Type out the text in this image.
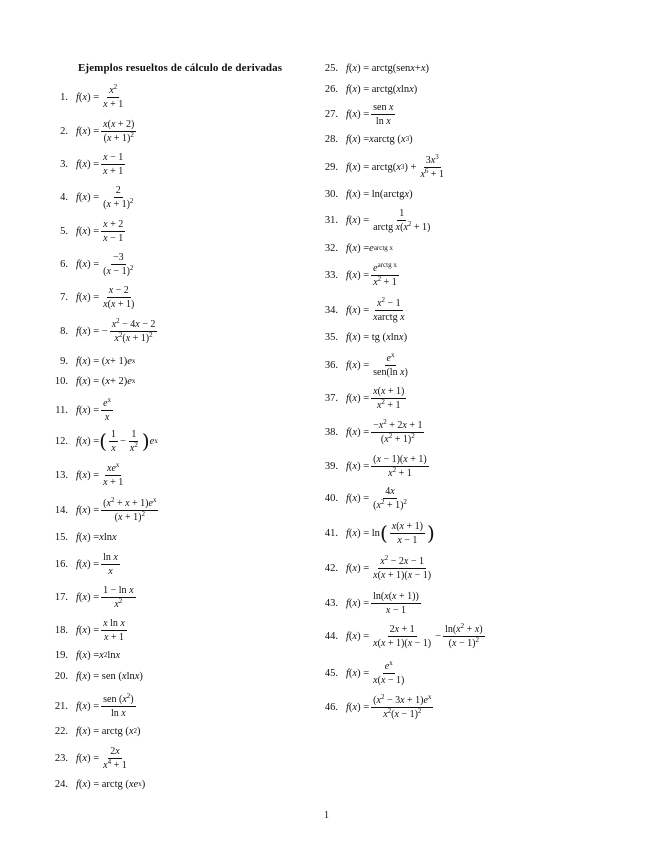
Ejemplos resueltos de cálculo de derivadas
1. f ( x ) = $\frac{x^2}{x + 1}$
2. f ( x ) = $\frac{x(x + 2)}{(x + 1)^2}$
3. f ( x ) = $\frac{x - 1}{x + 1}$
4. f ( x ) = $\frac{2}{(x + 1)^2}$
5. f ( x ) = $\frac{x + 2}{x - 1}$
6. f ( x ) = $\frac{-3}{(x - 1)^2}$
7. f ( x ) = $\frac{x - 2}{x(x + 1)}$
8. f ( x ) = − $\frac{x^2 - 4x - 2}{x^2(x + 1)^2}$
9. f ( x ) = ( x + 1) e x
10. f ( x ) = ( x + 2) e x
11. f ( x ) = $\frac{e^x}{x}$
12. f ( x ) = ( $\frac{1}{x} - \frac{1}{x^2}$ ) e x
13. f ( x ) = $\frac{xe^x}{x + 1}$
14. f ( x ) = $\frac{(x^2 + x + 1)e^x}{(x + 1)^2}$
15. f ( x ) = x ln x
16. f ( x ) = $\frac{\text{ln x}}{x}$
17. f ( x ) = $\frac{\text{1 − ln x}}{x^2}$
18. f ( x ) = $\frac{\text{x ln x}}{x + 1}$
19. f ( x ) = x 2 ln x
20. f ( x ) = sen ( x ln x )
21. f ( x ) = $\frac{sen (x^2)}{\text{ln x}}$
22. f ( x ) = arctg ( x 2 )
23. f ( x ) = $\frac{2x}{x^4 + 1}$
24. f ( x ) = arctg ( x e x )
25. f ( x ) = arctg(sen x + x )
26. f ( x ) = arctg( x ln x )
27. f ( x ) = $\frac{\text{sen x}}{\text{ln x}}$
28. f ( x ) = x arctg ( x 3 )
29. f ( x ) = arctg( x 3 ) + $\frac{3x^3}{x^6 + 1}$
30. f ( x ) = ln(arctg x )
31. f ( x ) = $\frac{1}{arctg x(x^2 + 1)}$
32. f ( x ) = e arctg x
33. f ( x ) = $\frac{e^{arctg x}}{x^2 + 1}$
34. f ( x ) = $\frac{x^2 - 1}{\text{xarctg x}}$
35. f ( x ) = tg ( x ln x )
36. f ( x ) = $\frac{e^x}{\text{sen(ln x)}}$
37. f ( x ) = $\frac{x(x + 1)}{x^2 + 1}$
38. f ( x ) = $\frac{-x^2 + 2x + 1}{(x^2 + 1)^2}$
39. f ( x ) = $\frac{(x - 1)(x + 1)}{x^2 + 1}$
40. f ( x ) = $\frac{4x}{(x^2 + 1)^2}$
41. f ( x ) = ln ( $\frac{x(x + 1)}{x - 1}$ )
42. f ( x ) = $\frac{x^2 - 2x - 1}{x(x + 1)(x - 1)}$
43. f ( x ) = $\frac{\ln(x(x + 1))}{x - 1}$
44. f ( x ) = $\frac{2x + 1}{x(x + 1)(x - 1)} - \frac{\ln(x^2 + x)}{(x - 1)^2}$
45. f ( x ) = $\frac{e^x}{x(x - 1)}$
46. f ( x ) = $\frac{(x^2 - 3x + 1)e^x}{x^2(x - 1)^2}$
1
